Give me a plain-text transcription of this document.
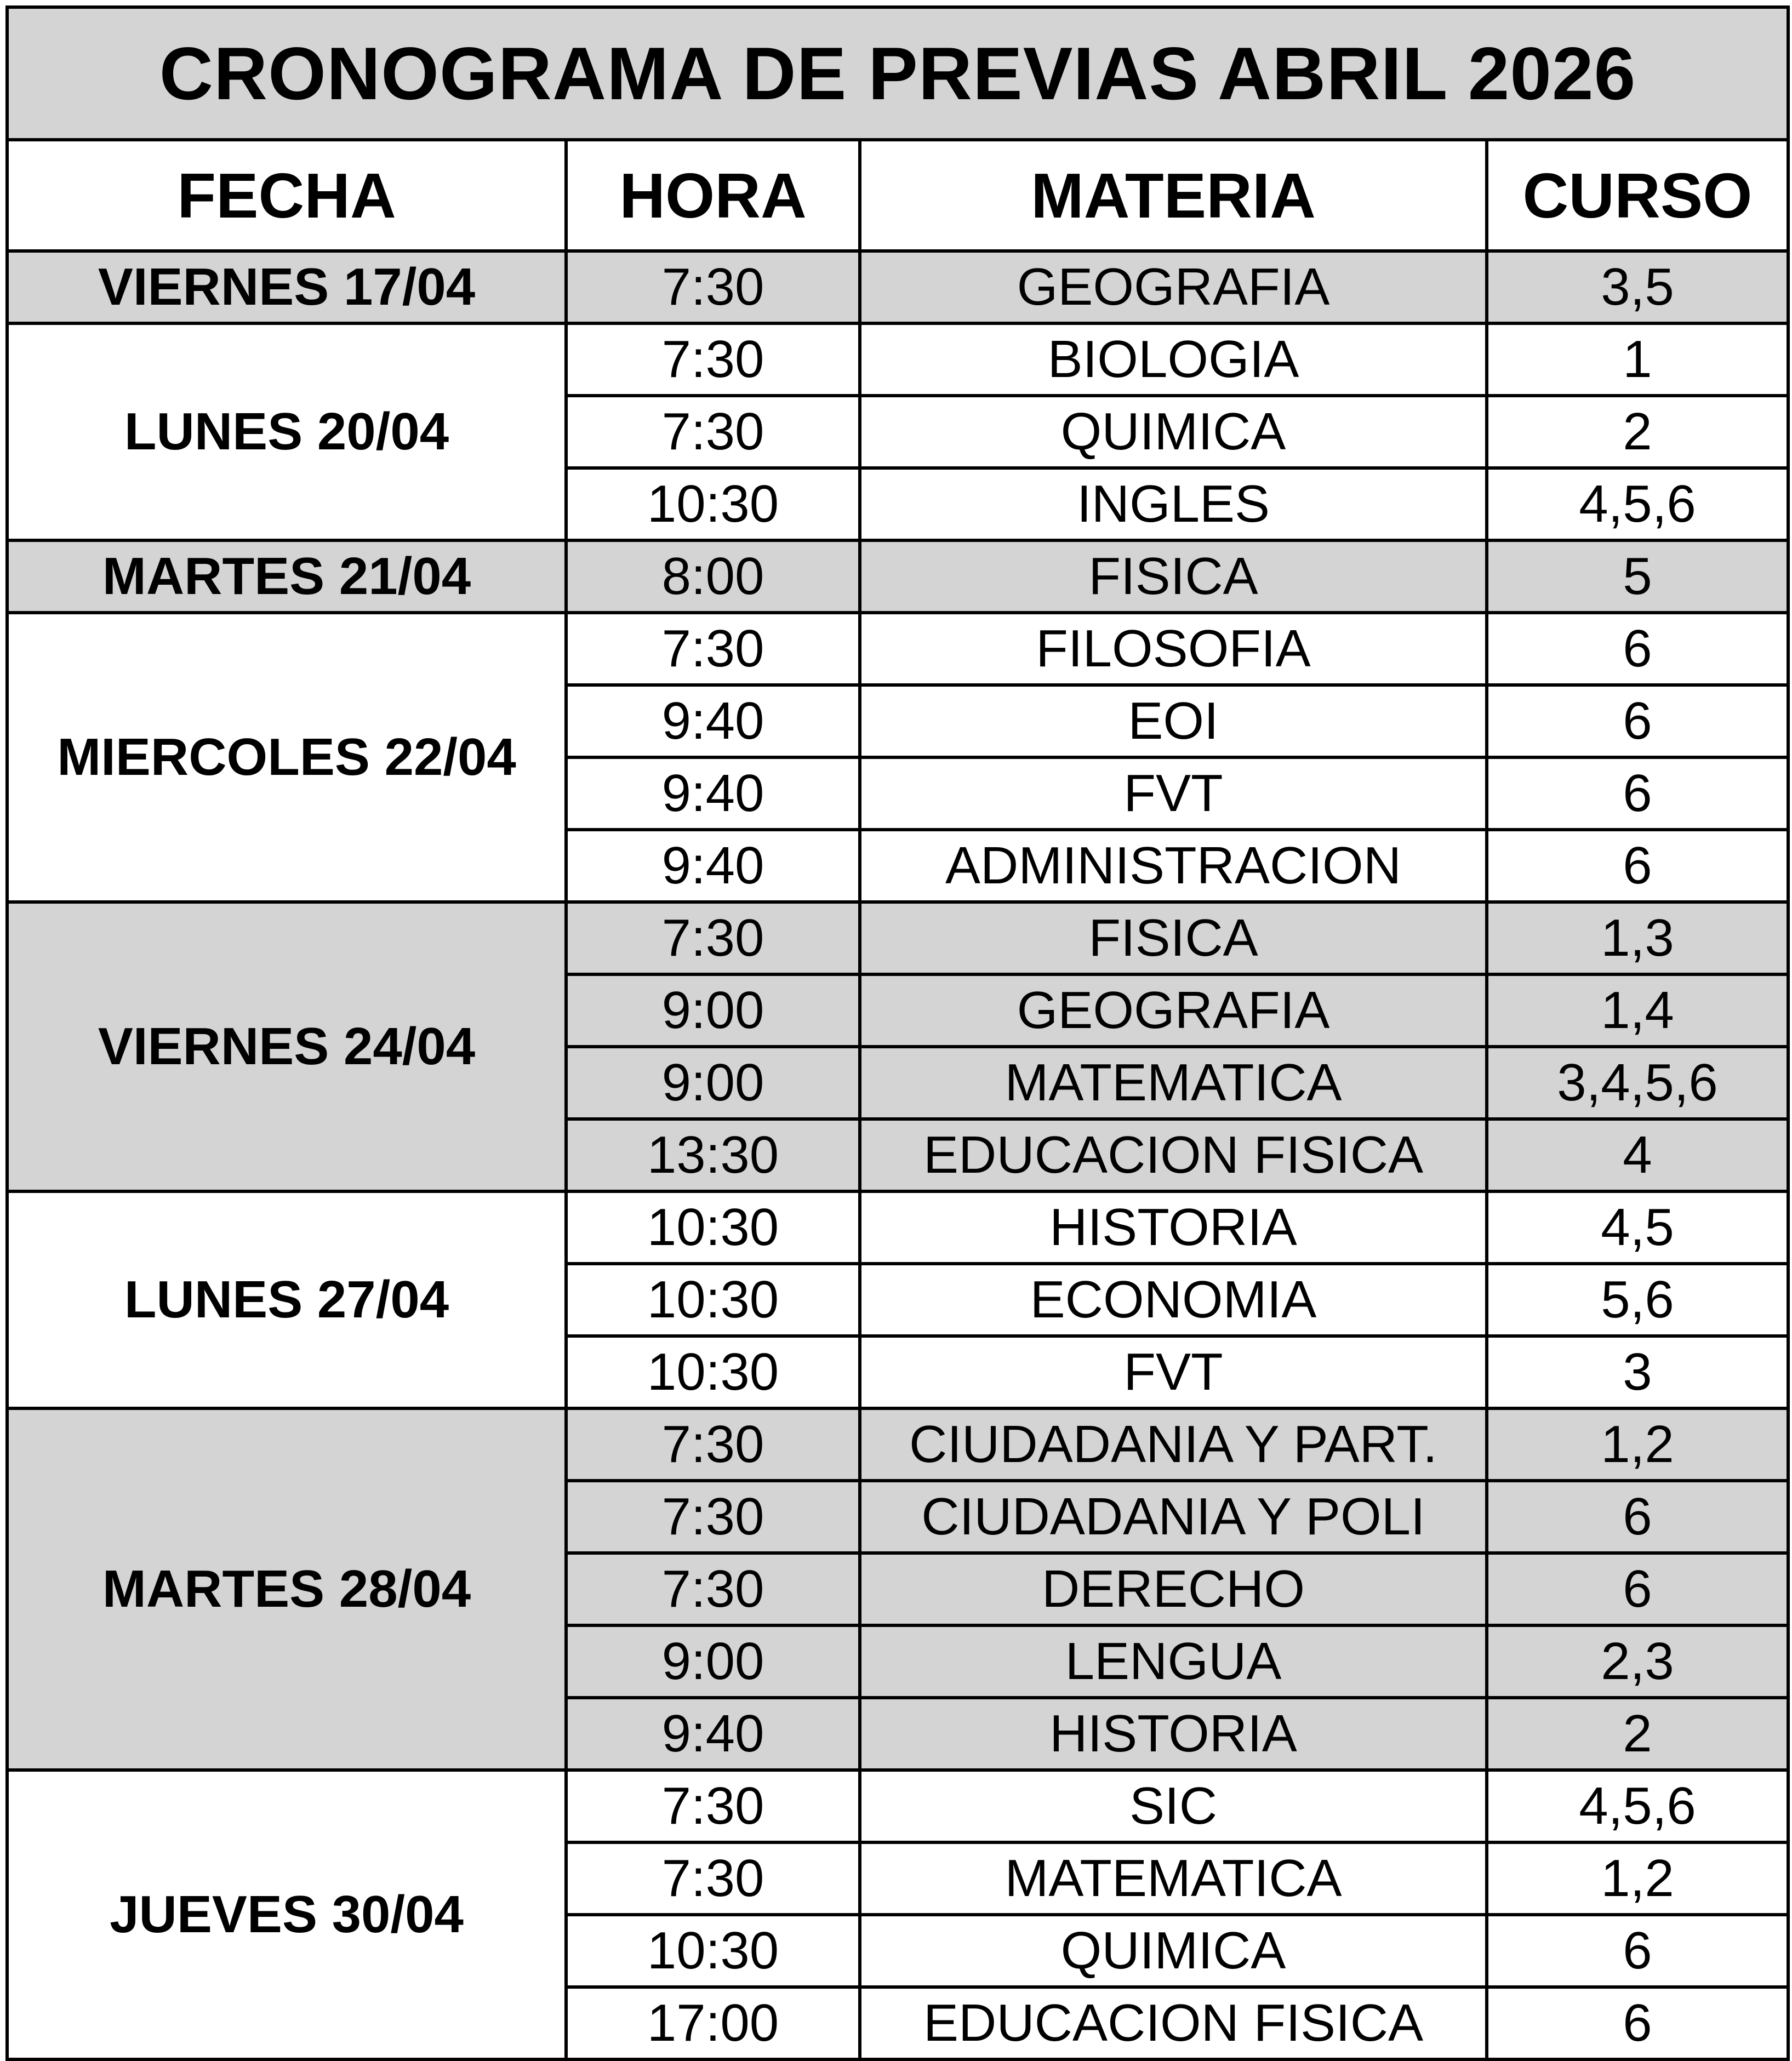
CRONOGRAMA DE PREVIAS ABRIL 2026			
FECHA	HORA	MATERIA	CURSO
VIERNES 17/04	7:30	GEOGRAFIA	3,5
LUNES 20/04	7:30	BIOLOGIA	1
	7:30	QUIMICA	2
	10:30	INGLES	4,5,6
MARTES 21/04	8:00	FISICA	5
MIERCOLES 22/04	7:30	FILOSOFIA	6
	9:40	EOI	6
	9:40	FVT	6
	9:40	ADMINISTRACION	6
VIERNES 24/04	7:30	FISICA	1,3
	9:00	GEOGRAFIA	1,4
	9:00	MATEMATICA	3,4,5,6
	13:30	EDUCACION FISICA	4
LUNES 27/04	10:30	HISTORIA	4,5
	10:30	ECONOMIA	5,6
	10:30	FVT	3
MARTES 28/04	7:30	CIUDADANIA Y PART.	1,2
	7:30	CIUDADANIA Y POLI	6
	7:30	DERECHO	6
	9:00	LENGUA	2,3
	9:40	HISTORIA	2
JUEVES 30/04	7:30	SIC	4,5,6
	7:30	MATEMATICA	1,2
	10:30	QUIMICA	6
	17:00	EDUCACION FISICA	6
